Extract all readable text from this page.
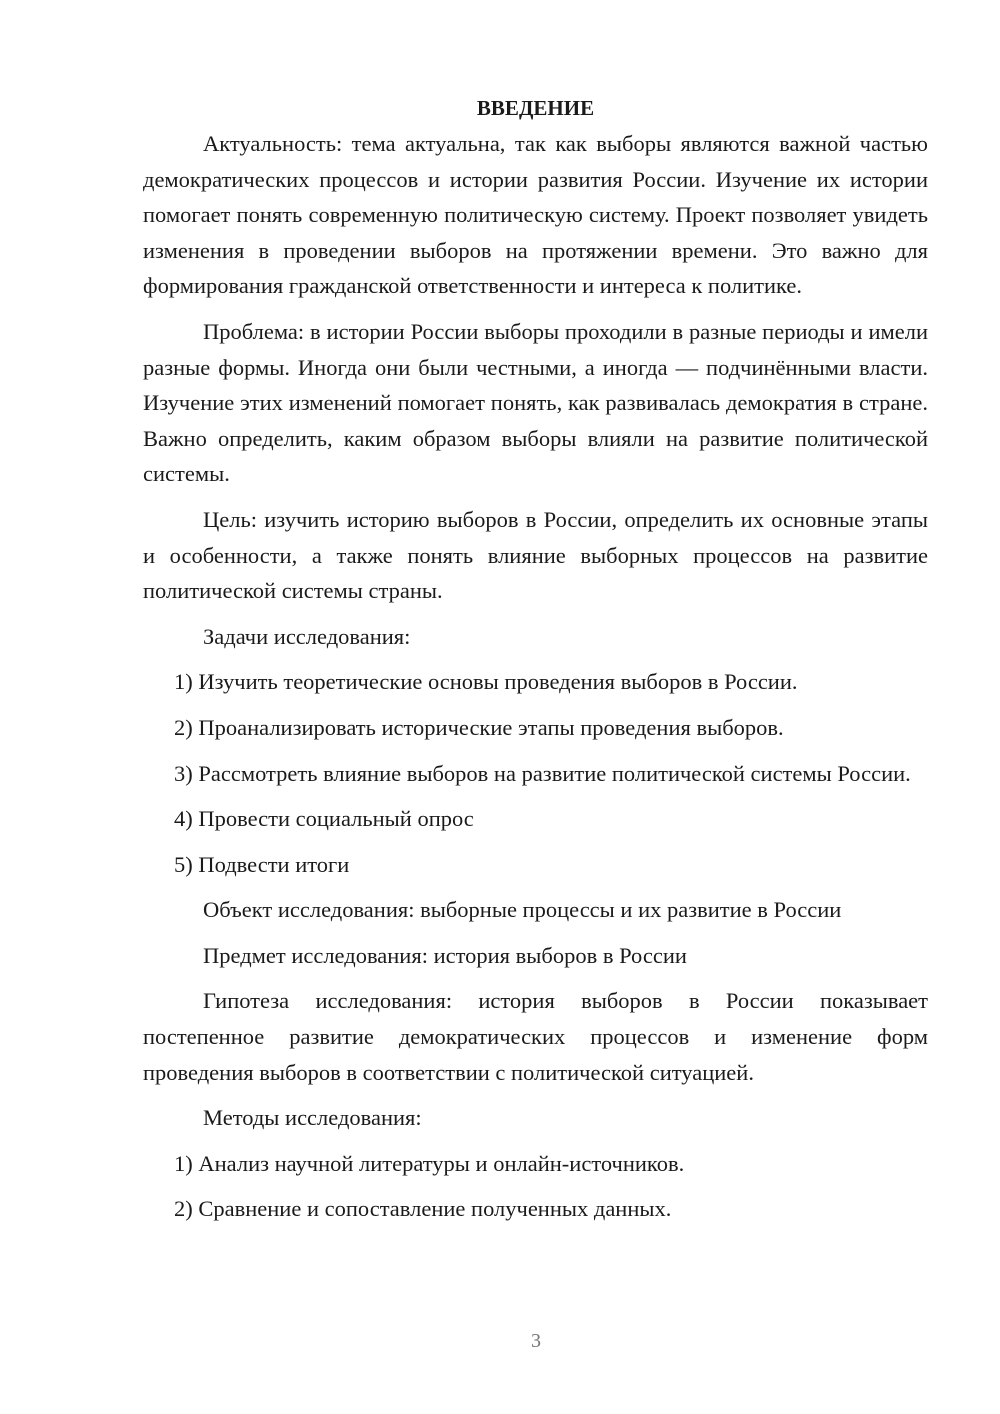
ВВЕДЕНИЕ

Актуальность: тема актуальна, так как выборы являются важной частью демократических процессов и истории развития России. Изучение их истории помогает понять современную политическую систему. Проект позволяет увидеть изменения в проведении выборов на протяжении времени. Это важно для формирования гражданской ответственности и интереса к политике.

Проблема: в истории России выборы проходили в разные периоды и имели разные формы. Иногда они были честными, а иногда — подчинёнными власти. Изучение этих изменений помогает понять, как развивалась демократия в стране. Важно определить, каким образом выборы влияли на развитие политической системы.

Цель: изучить историю выборов в России, определить их основные этапы и особенности, а также понять влияние выборных процессов на развитие политической системы страны.

Задачи исследования:

1) Изучить теоретические основы проведения выборов в России.

2) Проанализировать исторические этапы проведения выборов.

3) Рассмотреть влияние выборов на развитие политической системы России.

4) Провести социальный опрос

5) Подвести итоги

Объект исследования: выборные процессы и их развитие в России

Предмет исследования: история выборов в России

Гипотеза исследования: история выборов в России показывает постепенное развитие демократических процессов и изменение форм проведения выборов в соответствии с политической ситуацией.

Методы исследования:

1) Анализ научной литературы и онлайн-источников.

2) Сравнение и сопоставление полученных данных.

3
